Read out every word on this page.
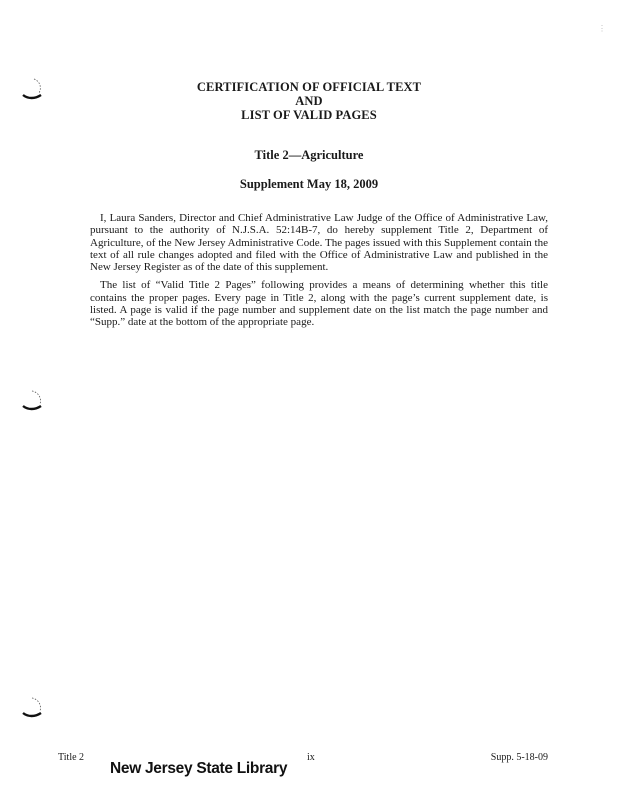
⋮
CERTIFICATION OF OFFICIAL TEXT
AND
LIST OF VALID PAGES
Title 2—Agriculture
Supplement May 18, 2009

I, Laura Sanders, Director and Chief Administrative Law Judge of the Office of Administrative Law, pursuant to the authority of N.J.S.A. 52:14B-7, do hereby supplement Title 2, Department of Agriculture, of the New Jersey Administrative Code. The pages issued with this Supplement contain the text of all rule changes adopted and filed with the Office of Administrative Law and published in the New Jersey Register as of the date of this supplement.

The list of “Valid Title 2 Pages” following provides a means of determining whether this title contains the proper pages. Every page in Title 2, along with the page’s current supplement date, is listed. A page is valid if the page number and supplement date on the list match the page number and “Supp.” date at the bottom of the appropriate page.

Title 2	ix	Supp. 5-18-09
New Jersey State Library
